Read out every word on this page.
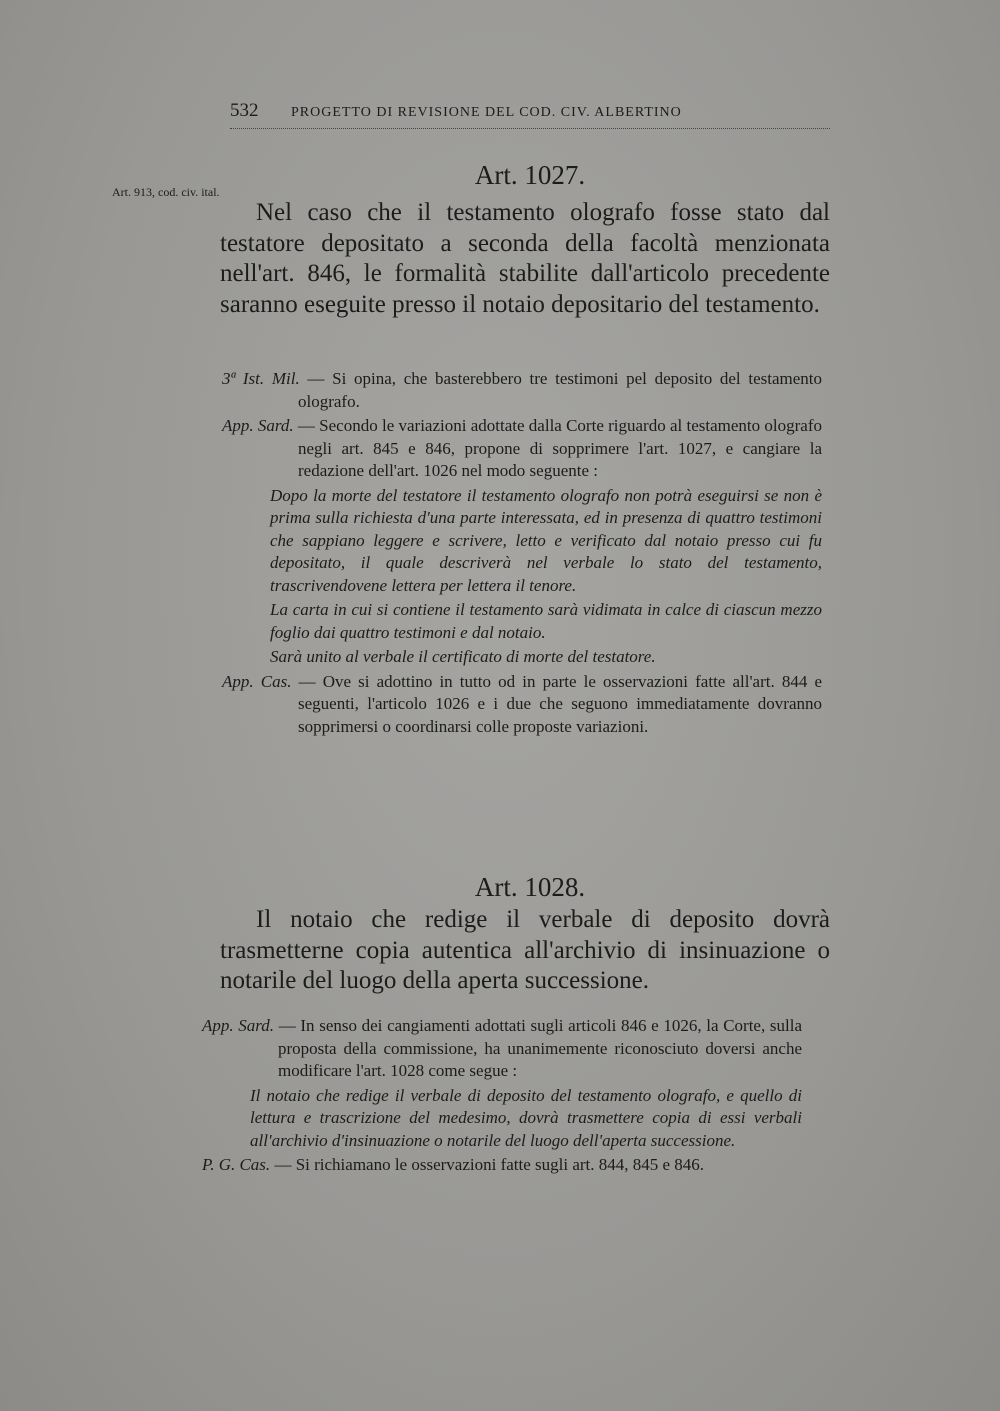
532 PROGETTO DI REVISIONE DEL COD. CIV. ALBERTINO
Art. 913, cod. civ. ital.
Art. 1027.
Nel caso che il testamento olografo fosse stato dal testatore depositato a seconda della facoltà menzionata nell'art. 846, le formalità stabilite dall'articolo precedente saranno eseguite presso il notaio depositario del testamento.

3ª Ist. Mil. — Si opina, che basterebbero tre testimoni pel deposito del testamento olografo.

App. Sard. — Secondo le variazioni adottate dalla Corte riguardo al testamento olografo negli art. 845 e 846, propone di sopprimere l'art. 1027, e cangiare la redazione dell'art. 1026 nel modo seguente :

Dopo la morte del testatore il testamento olografo non potrà eseguirsi se non è prima sulla richiesta d'una parte interessata, ed in presenza di quattro testimoni che sappiano leggere e scrivere, letto e verificato dal notaio presso cui fu depositato, il quale descriverà nel verbale lo stato del testamento, trascrivendovene lettera per lettera il tenore.

La carta in cui si contiene il testamento sarà vidimata in calce di ciascun mezzo foglio dai quattro testimoni e dal notaio.

Sarà unito al verbale il certificato di morte del testatore.

App. Cas. — Ove si adottino in tutto od in parte le osservazioni fatte all'art. 844 e seguenti, l'articolo 1026 e i due che seguono immediatamente dovranno sopprimersi o coordinarsi colle proposte variazioni.

Art. 1028.
Il notaio che redige il verbale di deposito dovrà trasmetterne copia autentica all'archivio di insinuazione o notarile del luogo della aperta successione.

App. Sard. — In senso dei cangiamenti adottati sugli articoli 846 e 1026, la Corte, sulla proposta della commissione, ha unanimemente riconosciuto doversi anche modificare l'art. 1028 come segue :

Il notaio che redige il verbale di deposito del testamento olografo, e quello di lettura e trascrizione del medesimo, dovrà trasmettere copia di essi verbali all'archivio d'insinuazione o notarile del luogo dell'aperta successione.

P. G. Cas. — Si richiamano le osservazioni fatte sugli art. 844, 845 e 846.
